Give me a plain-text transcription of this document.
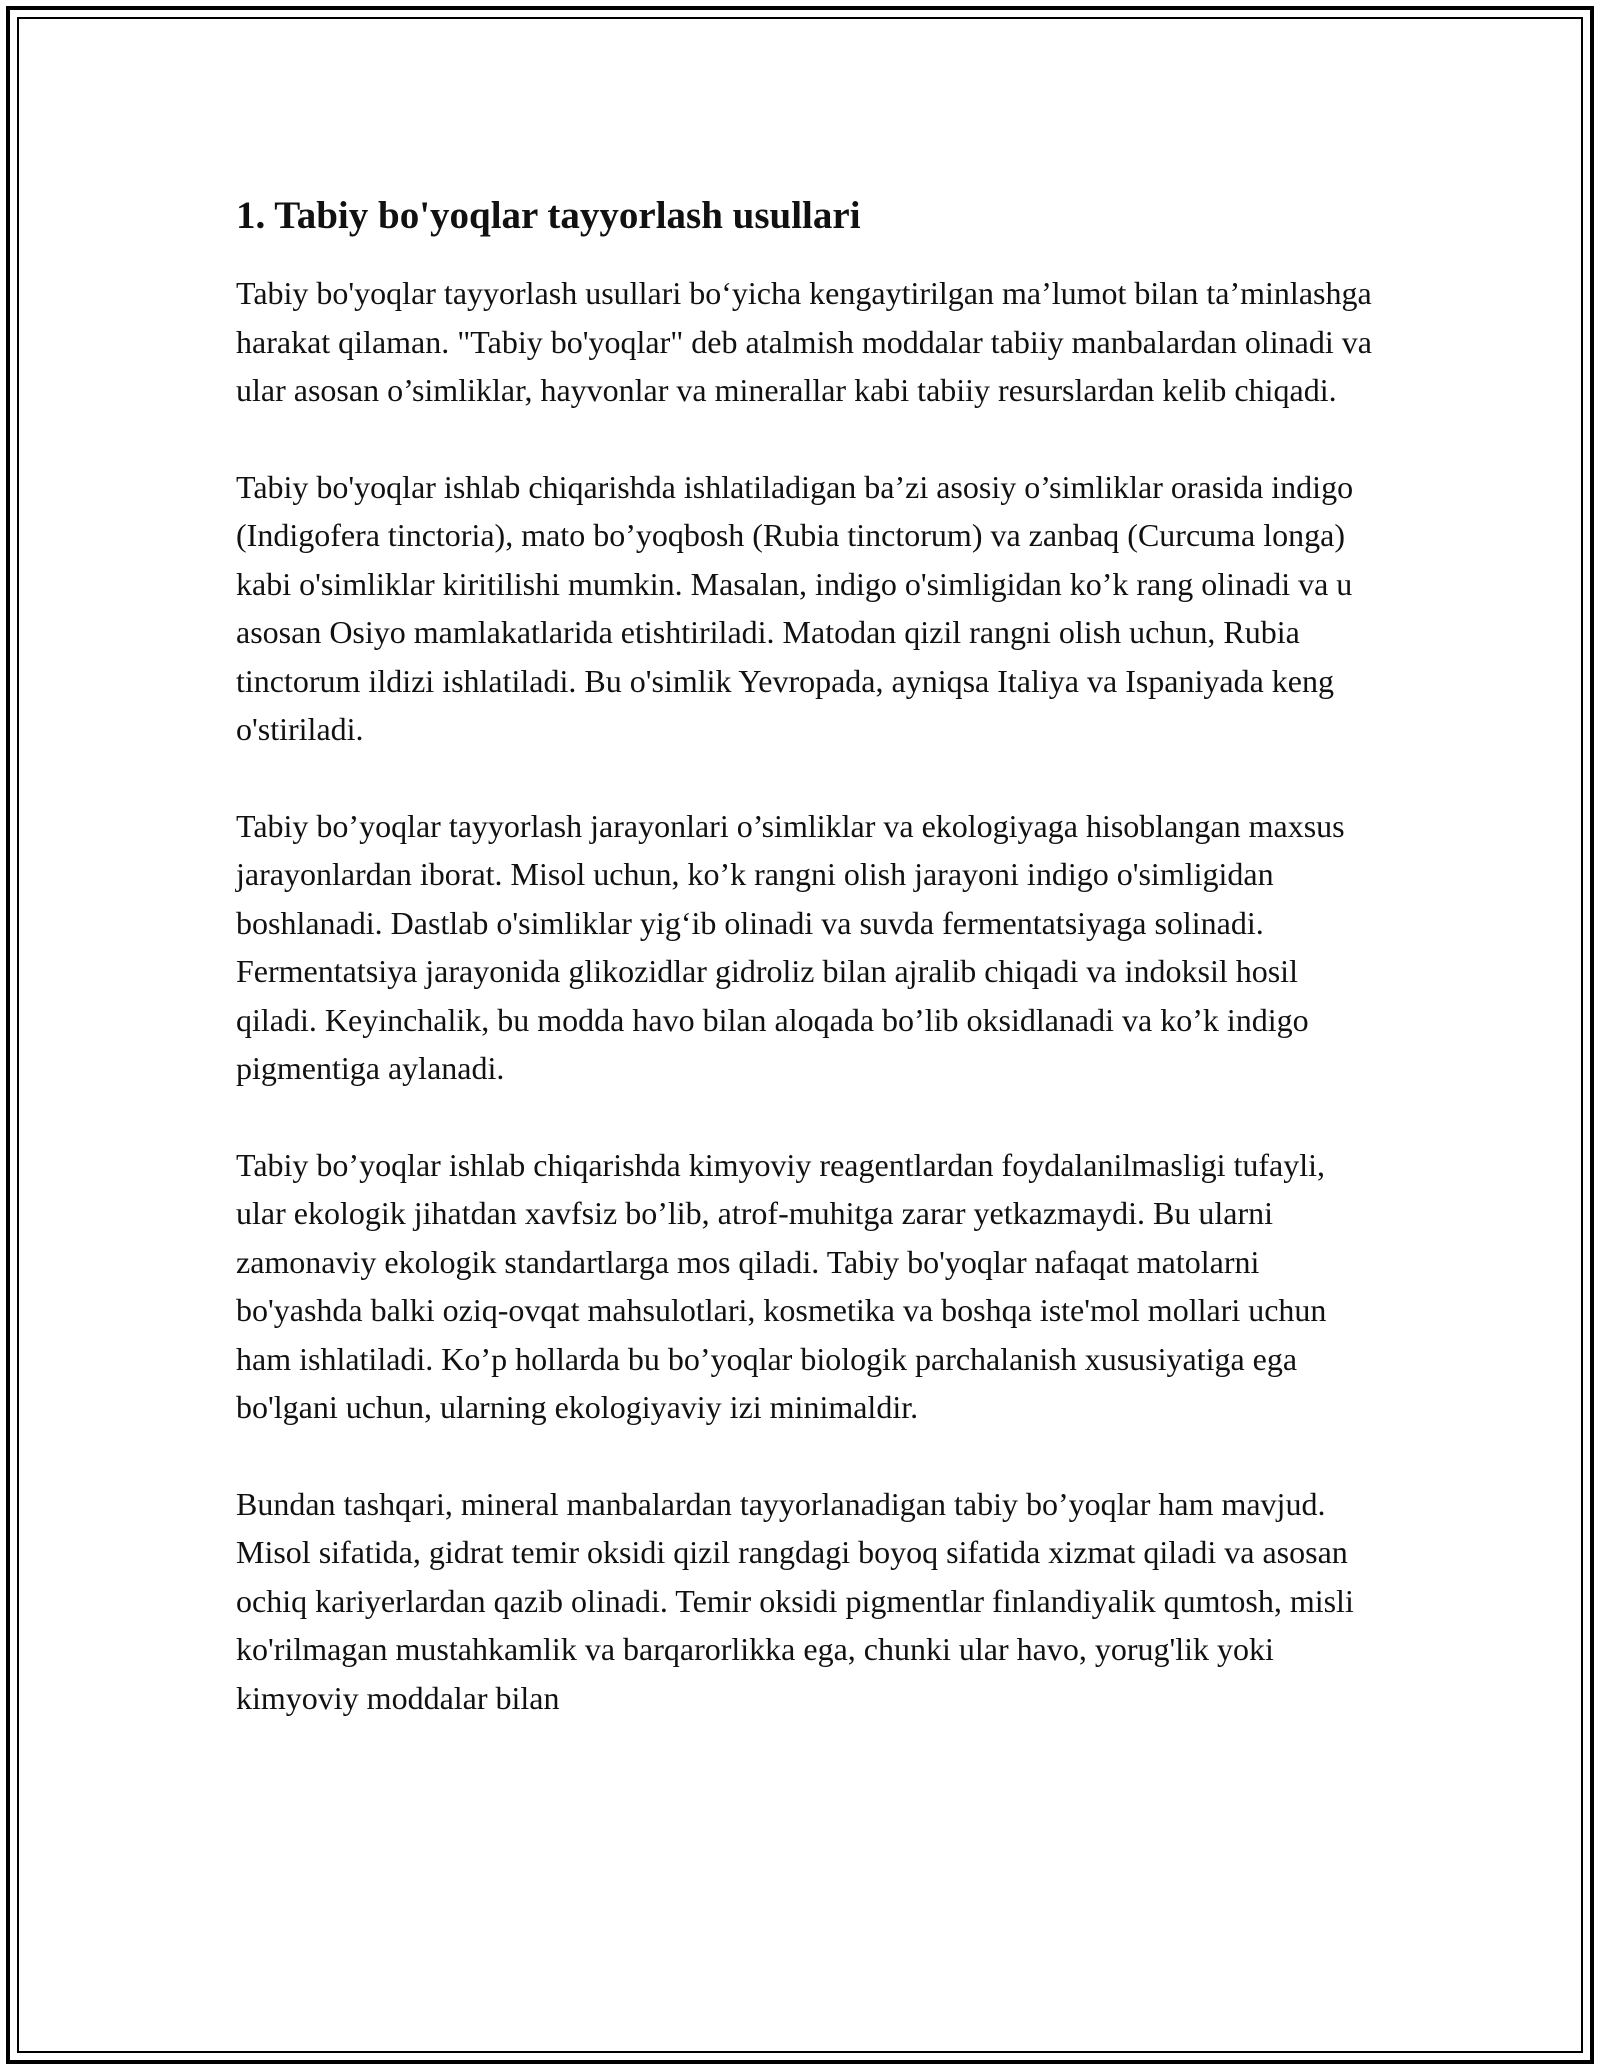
1. Tabiy bo'yoqlar tayyorlash usullari

Tabiy bo'yoqlar tayyorlash usullari bo‘yicha kengaytirilgan ma’lumot bilan ta’minlashga harakat qilaman. "Tabiy bo'yoqlar" deb atalmish moddalar tabiiy manbalardan olinadi va ular asosan o’simliklar, hayvonlar va minerallar kabi tabiiy resurslardan kelib chiqadi.

Tabiy bo'yoqlar ishlab chiqarishda ishlatiladigan ba’zi asosiy o’simliklar orasida indigo (Indigofera tinctoria), mato bo’yoqbosh (Rubia tinctorum) va zanbaq (Curcuma longa) kabi o'simliklar kiritilishi mumkin. Masalan, indigo o'simligidan ko’k rang olinadi va u asosan Osiyo mamlakatlarida etishtiriladi. Matodan qizil rangni olish uchun, Rubia tinctorum ildizi ishlatiladi. Bu o'simlik Yevropada, ayniqsa Italiya va Ispaniyada keng o'stiriladi.

Tabiy bo’yoqlar tayyorlash jarayonlari o’simliklar va ekologiyaga hisoblangan maxsus jarayonlardan iborat. Misol uchun, ko’k rangni olish jarayoni indigo o'simligidan boshlanadi. Dastlab o'simliklar yig‘ib olinadi va suvda fermentatsiyaga solinadi. Fermentatsiya jarayonida glikozidlar gidroliz bilan ajralib chiqadi va indoksil hosil qiladi. Keyinchalik, bu modda havo bilan aloqada bo’lib oksidlanadi va ko’k indigo pigmentiga aylanadi.

Tabiy bo’yoqlar ishlab chiqarishda kimyoviy reagentlardan foydalanilmasligi tufayli, ular ekologik jihatdan xavfsiz bo’lib, atrof-muhitga zarar yetkazmaydi. Bu ularni zamonaviy ekologik standartlarga mos qiladi. Tabiy bo'yoqlar nafaqat matolarni bo'yashda balki oziq-ovqat mahsulotlari, kosmetika va boshqa iste'mol mollari uchun ham ishlatiladi. Ko’p hollarda bu bo’yoqlar biologik parchalanish xususiyatiga ega bo'lgani uchun, ularning ekologiyaviy izi minimaldir.

Bundan tashqari, mineral manbalardan tayyorlanadigan tabiy bo’yoqlar ham mavjud. Misol sifatida, gidrat temir oksidi qizil rangdagi boyoq sifatida xizmat qiladi va asosan ochiq kariyerlardan qazib olinadi. Temir oksidi pigmentlar finlandiyalik qumtosh, misli ko'rilmagan mustahkamlik va barqarorlikka ega, chunki ular havo, yorug'lik yoki kimyoviy moddalar bilan
